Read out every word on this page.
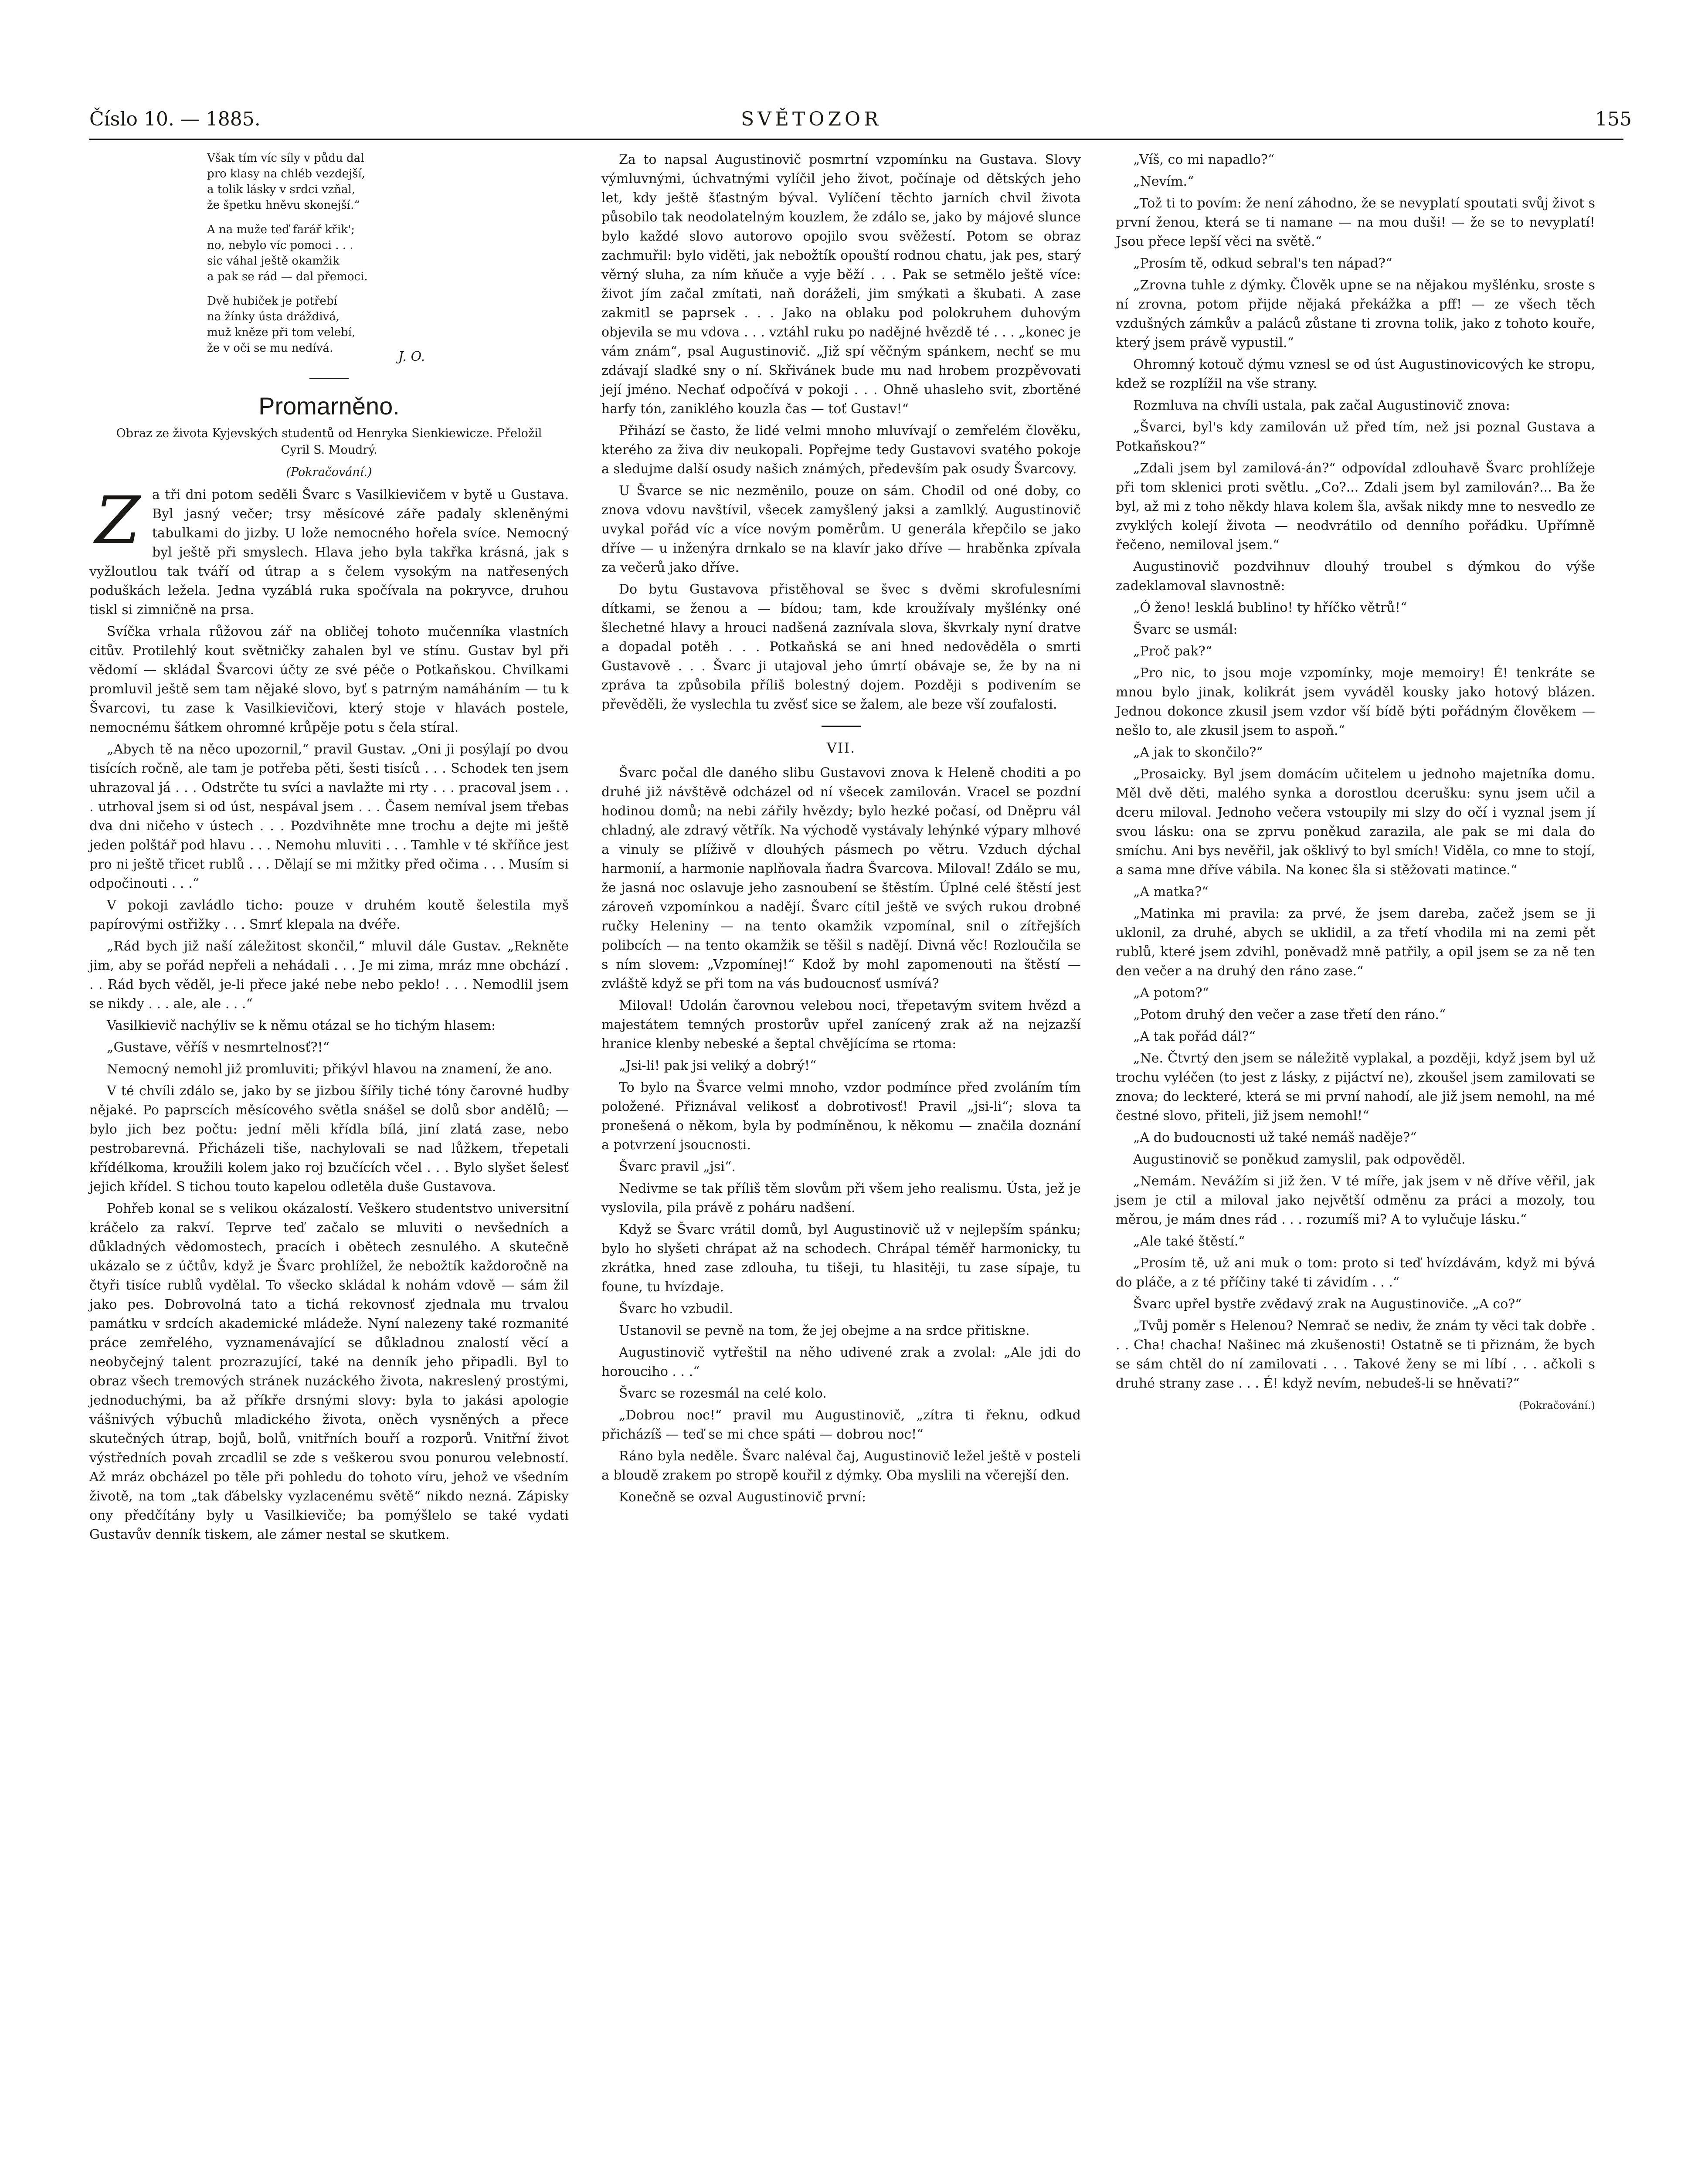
Číslo 10. — 1885.	SVĚTOZOR	155
Však tím víc síly v půdu dal
pro klasy na chléb vezdejší,
a tolik lásky v srdci vzňal,
že špetku hněvu skonejší.“
A na muže teď farář křik';
no, nebylo víc pomoci . . .
sic váhal ještě okamžik
a pak se rád — dal přemoci.
Dvě hubiček je potřebí
na žínky ústa dráždivá,
muž kněze při tom velebí,
že v oči se mu nedívá.
J. O.
Promarněno.
Obraz ze života Kyjevských studentů od Henryka Sienkiewicze. Přeložil Cyril S. Moudrý.
(Pokračování.)
Z a tři dni potom seděli Švarc s Vasilkievičem v bytě u Gustava. Byl jasný večer; trsy měsícové záře padaly skleněnými tabulkami do jizby. U lože nemocného hořela svíce. Nemocný byl ještě při smyslech. Hlava jeho byla takřka krásná, jak s vyžloutlou tak tváří od útrap a s čelem vysokým na natřesených poduškách ležela. Jedna vyzáblá ruka spočívala na pokryvce, druhou tiskl si zimničně na prsa.

Svíčka vrhala růžovou zář na obličej tohoto mučenníka vlastních citův. Protilehlý kout světničky zahalen byl ve stínu. Gustav byl při vědomí — skládal Švarcovi účty ze své péče o Potkaňskou. Chvilkami promluvil ještě sem tam nějaké slovo, byť s patrným namáháním — tu k Švarcovi, tu zase k Vasilkievičovi, který stoje v hlavách postele, nemocnému šátkem ohromné krůpěje potu s čela stíral.

„Abych tě na něco upozornil,“ pravil Gustav. „Oni ji posýlají po dvou tisících ročně, ale tam je potřeba pěti, šesti tisíců . . . Schodek ten jsem uhrazoval já . . . Odstrčte tu svíci a navlažte mi rty . . . pracoval jsem . . . utrhoval jsem si od úst, nespával jsem . . . Časem nemíval jsem třebas dva dni ničeho v ústech . . . Pozdvihněte mne trochu a dejte mi ještě jeden polštář pod hlavu . . . Nemohu mluviti . . . Tamhle v té skříňce jest pro ni ještě třicet rublů . . . Dělají se mi mžitky před očima . . . Musím si odpočinouti . . .“

V pokoji zavládlo ticho: pouze v druhém koutě šelestila myš papírovými ostřižky . . . Smrť klepala na dvéře.

„Rád bych již naší záležitost skončil,“ mluvil dále Gustav. „Rekněte jim, aby se pořád nepřeli a nehádali . . . Je mi zima, mráz mne obchází . . . Rád bych věděl, je-li přece jaké nebe nebo peklo! . . . Nemodlil jsem se nikdy . . . ale, ale . . .“

Vasilkievič nachýliv se k němu otázal se ho tichým hlasem:

„Gustave, věříš v nesmrtelnosť?!“

Nemocný nemohl již promluviti; přikývl hlavou na znamení, že ano.

V té chvíli zdálo se, jako by se jizbou šířily tiché tóny čarovné hudby nějaké. Po paprscích měsícového světla snášel se dolů sbor andělů; — bylo jich bez počtu: jední měli křídla bílá, jiní zlatá zase, nebo pestrobarevná. Přicházeli tiše, nachylovali se nad lůžkem, třepetali křídélkoma, kroužili kolem jako roj bzučících včel . . . Bylo slyšet šelesť jejich křídel. S tichou touto kapelou odletěla duše Gustavova.

Pohřeb konal se s velikou okázalostí. Veškero studentstvo universitní kráčelo za rakví. Teprve teď začalo se mluviti o nevšedních a důkladných vědomostech, pracích i obětech zesnulého. A skutečně ukázalo se z účtův, když je Švarc prohlížel, že nebožtík každoročně na čtyři tisíce rublů vydělal. To všecko skládal k nohám vdově — sám žil jako pes. Dobrovolná tato a tichá rekovnosť zjednala mu trvalou památku v srdcích akademické mládeže. Nyní nalezeny také rozmanité práce zemřelého, vyznamenávající se důkladnou znalostí věcí a neobyčejný talent prozrazující, také na denník jeho připadli. Byl to obraz všech tremových stránek nuzáckého života, nakreslený prostými, jednoduchými, ba až příkře drsnými slovy: byla to jakási apologie vášnivých výbuchů mladického života, oněch vysněných a přece skutečných útrap, bojů, bolů, vnitřních bouří a rozporů. Vnitřní život výstředních povah zrcadlil se zde s veškerou svou ponurou velebností. Až mráz obcházel po těle při pohledu do tohoto víru, jehož ve všedním životě, na tom „tak ďábelsky vyzlacenému světě“ nikdo nezná. Zápisky ony předčítány byly u Vasilkieviče; ba pomýšlelo se také vydati Gustavův denník tiskem, ale zámer nestal se skutkem.

Za to napsal Augustinovič posmrtní vzpomínku na Gustava. Slovy výmluvnými, úchvatnými vylíčil jeho život, počínaje od dětských jeho let, kdy ještě šťastným býval. Vylíčení těchto jarních chvil života působilo tak neodolatelným kouzlem, že zdálo se, jako by májové slunce bylo každé slovo autorovo opojilo svou svěžestí. Potom se obraz zachmuřil: bylo viděti, jak nebožtík opouští rodnou chatu, jak pes, starý věrný sluha, za ním kňuče a vyje běží . . . Pak se setmělo ještě více: život jím začal zmítati, naň doráželi, jim smýkati a škubati. A zase zakmitl se paprsek . . . Jako na oblaku pod polokruhem duhovým objevila se mu vdova . . . vztáhl ruku po nadějné hvězdě té . . . „konec je vám znám“, psal Augustinovič. „Již spí věčným spánkem, nechť se mu zdávají sladké sny o ní. Skřivánek bude mu nad hrobem prozpěvovati její jméno. Nechať odpočívá v pokoji . . . Ohně uhasleho svit, zbortěné harfy tón, zaniklého kouzla čas — toť Gustav!“

Přihází se často, že lidé velmi mnoho mluvívají o zemřelém člověku, kterého za živa div neukopali. Popřejme tedy Gustavovi svatého pokoje a sledujme další osudy našich známých, především pak osudy Švarcovy.

U Švarce se nic nezměnilo, pouze on sám. Chodil od oné doby, co znova vdovu navštívil, všecek zamyšlený jaksi a zamlklý. Augustinovič uvykal pořád víc a více novým poměrům. U generála křepčilo se jako dříve — u inženýra drnkalo se na klavír jako dříve — hraběnka zpívala za večerů jako dříve.

Do bytu Gustavova přistěhoval se švec s dvěmi skrofulesními dítkami, se ženou a — bídou; tam, kde kroužívaly myšlénky oné šlechetné hlavy a hrouci nadšená zaznívala slova, škvrkaly nyní dratve a dopadal potěh . . . Potkaňská se ani hned nedověděla o smrti Gustavově . . . Švarc ji utajoval jeho úmrtí obávaje se, že by na ni zpráva ta způsobila příliš bolestný dojem. Později s podivením se převěděli, že vyslechla tu zvěsť sice se žalem, ale beze vší zoufalosti.

VII.

Švarc počal dle daného slibu Gustavovi znova k Heleně choditi a po druhé již návštěvě odcházel od ní všecek zamilován. Vracel se pozdní hodinou domů; na nebi zářily hvězdy; bylo hezké počasí, od Dněpru vál chladný, ale zdravý větřík. Na východě vystávaly lehýnké výpary mlhové a vinuly se plíživě v dlouhých pásmech po větru. Vzduch dýchal harmonií, a harmonie naplňovala ňadra Švarcova. Miloval! Zdálo se mu, že jasná noc oslavuje jeho zasnoubení se štěstím. Úplné celé štěstí jest zároveň vzpomínkou a nadějí. Švarc cítil ještě ve svých rukou drobné ručky Heleniny — na tento okamžik vzpomínal, snil o zítřejších polibcích — na tento okamžik se těšil s nadějí. Divná věc! Rozloučila se s ním slovem: „Vzpomínej!“ Kdož by mohl zapomenouti na štěstí — zvláště když se při tom na vás budoucnosť usmívá?

Miloval! Udolán čarovnou velebou noci, třepetavým svitem hvězd a majestátem temných prostorův upřel zanícený zrak až na nejzazší hranice klenby nebeské a šeptal chvějícíma se rtoma:

„Jsi-li! pak jsi veliký a dobrý!“

To bylo na Švarce velmi mnoho, vzdor podmínce před zvoláním tím položené. Přiznával velikosť a dobrotivosť! Pravil „jsi-li“; slova ta pronešená o někom, byla by podmíněnou, k někomu — značila doznání a potvrzení jsoucnosti.

Švarc pravil „jsi“.

Nedivme se tak příliš těm slovům při všem jeho realismu. Ústa, jež je vyslovila, pila právě z poháru nadšení.

Když se Švarc vrátil domů, byl Augustinovič už v nejlepším spánku; bylo ho slyšeti chrápat až na schodech. Chrápal téměř harmonicky, tu zkrátka, hned zase zdlouha, tu tišeji, tu hlasitěji, tu zase sípaje, tu foune, tu hvízdaje.

Švarc ho vzbudil.

Ustanovil se pevně na tom, že jej obejme a na srdce přitiskne.

Augustinovič vytřeštil na něho udivené zrak a zvolal: „Ale jdi do horouciho . . .“

Švarc se rozesmál na celé kolo.

„Dobrou noc!“ pravil mu Augustinovič, „zítra ti řeknu, odkud přicházíš — teď se mi chce spáti — dobrou noc!“

Ráno byla neděle. Švarc naléval čaj, Augustinovič ležel ještě v posteli a bloudě zrakem po stropě kouřil z dýmky. Oba myslili na včerejší den.

Konečně se ozval Augustinovič první:

„Víš, co mi napadlo?“

„Nevím.“

„Tož ti to povím: že není záhodno, že se nevyplatí spoutati svůj život s první ženou, která se ti namane — na mou duši! — že se to nevyplatí! Jsou přece lepší věci na světě.“

„Prosím tě, odkud sebral's ten nápad?“

„Zrovna tuhle z dýmky. Člověk upne se na nějakou myšlénku, sroste s ní zrovna, potom přijde nějaká překážka a pff! — ze všech těch vzdušných zámkův a paláců zůstane ti zrovna tolik, jako z tohoto kouře, který jsem právě vypustil.“

Ohromný kotouč dýmu vznesl se od úst Augustinovicových ke stropu, kdež se rozplížil na vše strany.

Rozmluva na chvíli ustala, pak začal Augustinovič znova:

„Švarci, byl's kdy zamilován už před tím, než jsi poznal Gustava a Potkaňskou?“

„Zdali jsem byl zamilová-án?“ odpovídal zdlouhavě Švarc prohlížeje při tom sklenici proti světlu. „Co?... Zdali jsem byl zamilován?... Ba že byl, až mi z toho někdy hlava kolem šla, avšak nikdy mne to nesvedlo ze zvyklých kolejí života — neodvrátilo od denního pořádku. Upřímně řečeno, nemiloval jsem.“

Augustinovič pozdvihnuv dlouhý troubel s dýmkou do výše zadeklamoval slavnostně:

„Ó ženo! lesklá bublino! ty hříčko větrů!“

Švarc se usmál:

„Proč pak?“

„Pro nic, to jsou moje vzpomínky, moje memoiry! É! tenkráte se mnou bylo jinak, kolikrát jsem vyváděl kousky jako hotový blázen. Jednou dokonce zkusil jsem vzdor vší bídě býti pořádným člověkem — nešlo to, ale zkusil jsem to aspoň.“

„A jak to skončilo?“

„Prosaicky. Byl jsem domácím učitelem u jednoho majetníka domu. Měl dvě děti, malého synka a dorostlou dcerušku: synu jsem učil a dceru miloval. Jednoho večera vstoupily mi slzy do očí i vyznal jsem jí svou lásku: ona se zprvu poněkud zarazila, ale pak se mi dala do smíchu. Ani bys nevěřil, jak ošklivý to byl smích! Viděla, co mne to stojí, a sama mne dříve vábila. Na konec šla si stěžovati matince.“

„A matka?“

„Matinka mi pravila: za prvé, že jsem dareba, začež jsem se ji uklonil, za druhé, abych se uklidil, a za třetí vhodila mi na zemi pět rublů, které jsem zdvihl, poněvadž mně patřily, a opil jsem se za ně ten den večer a na druhý den ráno zase.“

„A potom?“

„Potom druhý den večer a zase třetí den ráno.“

„A tak pořád dál?“

„Ne. Čtvrtý den jsem se náležitě vyplakal, a později, když jsem byl už trochu vyléčen (to jest z lásky, z pijáctví ne), zkoušel jsem zamilovati se znova; do leckteré, která se mi první nahodí, ale již jsem nemohl, na mé čestné slovo, přiteli, již jsem nemohl!“

„A do budoucnosti už také nemáš naděje?“

Augustinovič se poněkud zamyslil, pak odpověděl.

„Nemám. Nevážím si již žen. V té míře, jak jsem v ně dříve věřil, jak jsem je ctil a miloval jako největší odměnu za práci a mozoly, tou měrou, je mám dnes rád . . . rozumíš mi? A to vylučuje lásku.“

„Ale také štěstí.“

„Prosím tě, už ani muk o tom: proto si teď hvízdávám, když mi bývá do pláče, a z té příčiny také ti závidím . . .“

Švarc upřel bystře zvědavý zrak na Augustinoviče. „A co?“

„Tvůj poměr s Helenou? Nemrač se nediv, že znám ty věci tak dobře . . . Cha! chacha! Našinec má zkušenosti! Ostatně se ti přiznám, že bych se sám chtěl do ní zamilovati . . . Takové ženy se mi líbí . . . ačkoli s druhé strany zase . . . É! když nevím, nebudeš-li se hněvati?“

(Pokračování.)
